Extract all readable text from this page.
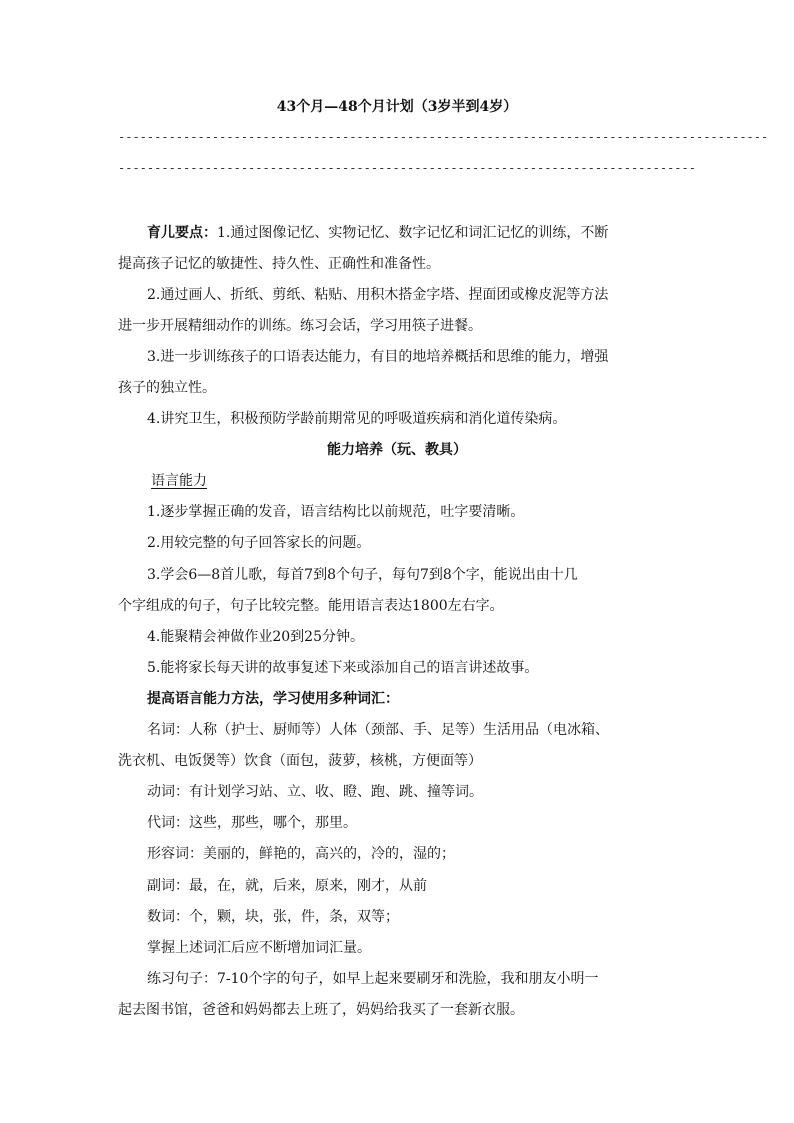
43个月—48个月计划（3岁半到4岁）
------------------------------------------------------------------------------------------
--------------------------------------------------------------------------------
育儿要点：1.通过图像记忆、实物记忆、数字记忆和词汇记忆的训练，不断
提高孩子记忆的敏捷性、持久性、正确性和准备性。
2.通过画人、折纸、剪纸、粘贴、用积木搭金字塔、捏面团或橡皮泥等方法
进一步开展精细动作的训练。练习会话，学习用筷子进餐。
3.进一步训练孩子的口语表达能力，有目的地培养概括和思维的能力，增强
孩子的独立性。
4.讲究卫生，积极预防学龄前期常见的呼吸道疾病和消化道传染病。
能力培养（玩、教具）
语言能力
1.逐步掌握正确的发音，语言结构比以前规范，吐字要清晰。
2.用较完整的句子回答家长的问题。
3.学会6—8首儿歌，每首7到8个句子，每句7到8个字，能说出由十几
个字组成的句子，句子比较完整。能用语言表达1800左右字。
4.能聚精会神做作业20到25分钟。
5.能将家长每天讲的故事复述下来或添加自己的语言讲述故事。
提高语言能力方法，学习使用多种词汇：
名词：人称（护士、厨师等）人体（颈部、手、足等）生活用品（电冰箱、
洗衣机、电饭煲等）饮食（面包，菠萝，核桃，方便面等）
动词：有计划学习站、立、收、瞪、跑、跳、撞等词。
代词：这些，那些，哪个，那里。
形容词：美丽的，鲜艳的，高兴的，冷的，湿的；
副词：最，在，就，后来，原来，刚才，从前
数词：个，颗，块，张，件，条，双等；
掌握上述词汇后应不断增加词汇量。
练习句子：7-10个字的句子，如早上起来要刷牙和洗脸，我和朋友小明一
起去图书馆，爸爸和妈妈都去上班了，妈妈给我买了一套新衣服。
